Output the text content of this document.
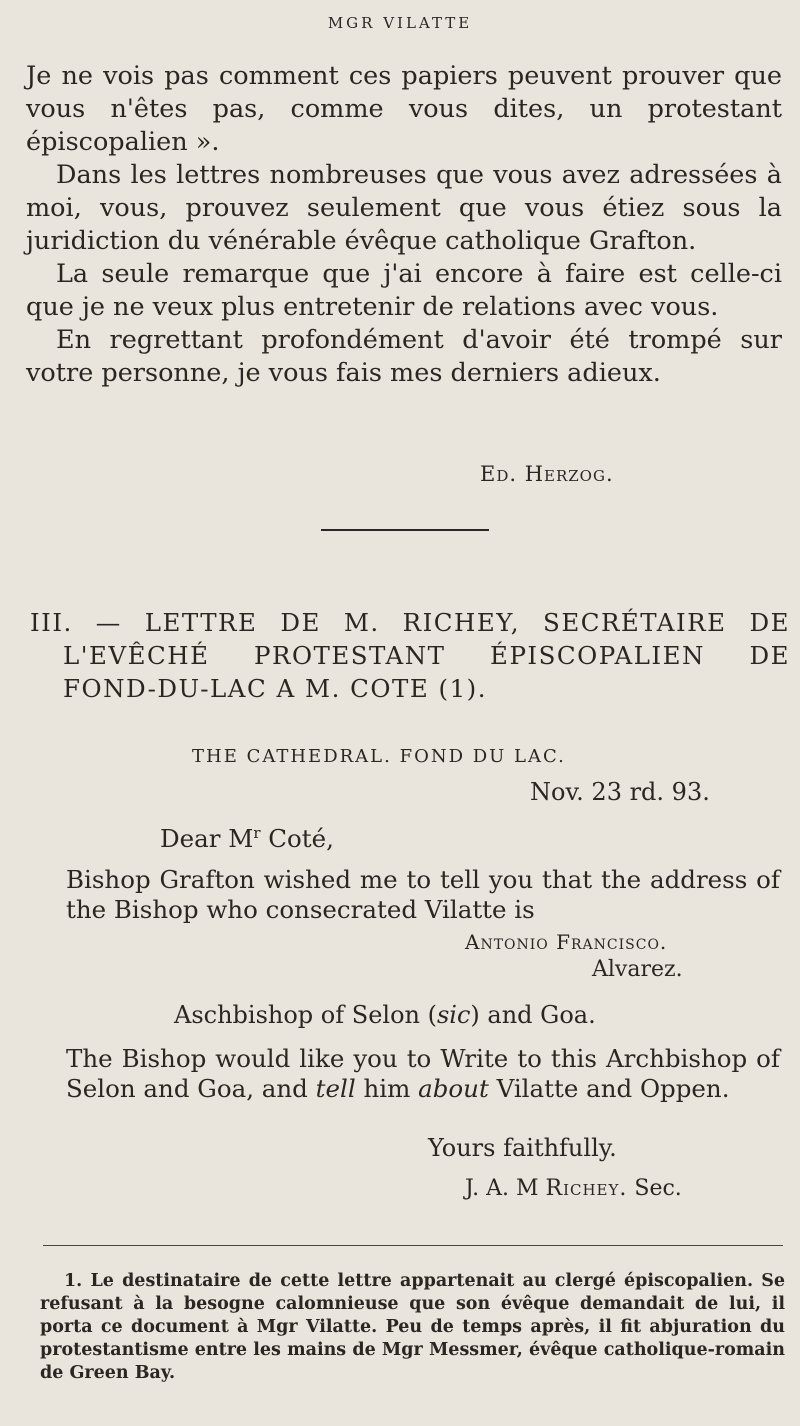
MGR VILATTE

Je ne vois pas comment ces papiers peuvent prouver que vous n'êtes pas, comme vous dites, un protestant épiscopalien ».

Dans les lettres nombreuses que vous avez adressées à moi, vous, prouvez seulement que vous étiez sous la juridiction du vénérable évêque catholique Grafton.

La seule remarque que j'ai encore à faire est celle-ci que je ne veux plus entretenir de relations avec vous.

En regrettant profondément d'avoir été trompé sur votre personne, je vous fais mes derniers adieux.

Ed. Herzog.
III. — LETTRE DE M. RICHEY, SECRÉTAIRE DE
L'EVÊCHÉ PROTESTANT ÉPISCOPALIEN DE
FOND-DU-LAC A M. COTE (1).
THE CATHEDRAL. FOND DU LAC.
Nov. 23 rd. 93.
Dear $M^r$ Coté,
Bishop Grafton wished me to tell you that the address of the Bishop who consecrated Vilatte is
Antonio Francisco.
Alvarez.
Aschbishop of Selon (sic) and Goa.
The Bishop would like you to Write to this Archbishop of Selon and Goa, and tell him about Vilatte and Oppen.
Yours faithfully.
J. A. M Richey. Sec.
1. Le destinataire de cette lettre appartenait au clergé épiscopalien. Se refusant à la besogne calomnieuse que son évêque demandait de lui, il porta ce document à Mgr Vilatte. Peu de temps après, il fit abjuration du protestantisme entre les mains de Mgr Messmer, évêque catholique-romain de Green Bay.
